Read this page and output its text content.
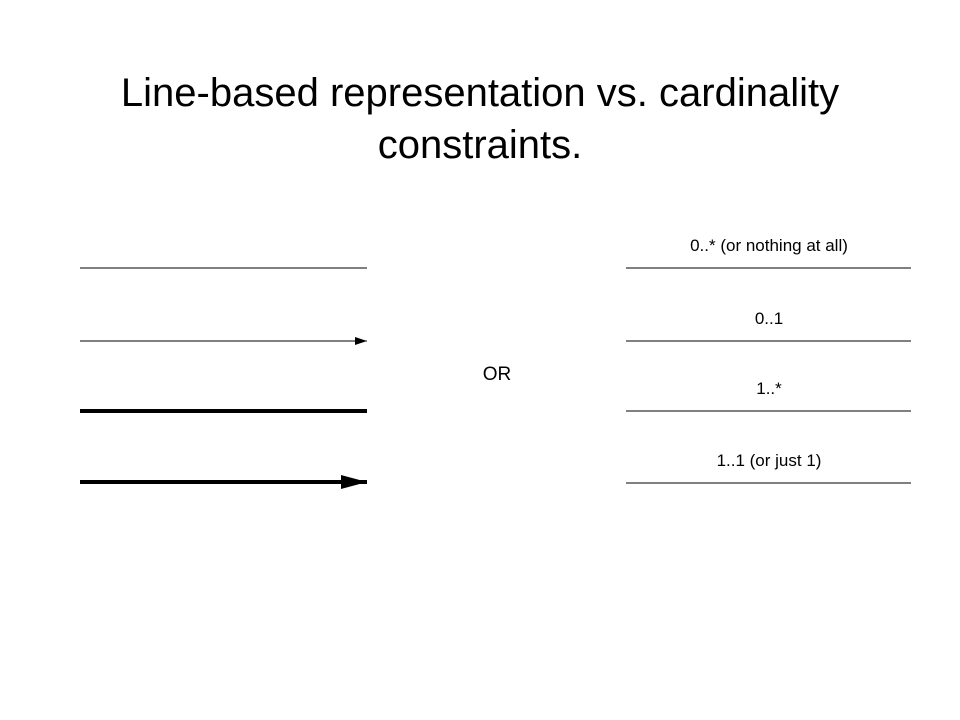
Line-based representation vs. cardinality
constraints.
OR
0..* (or nothing at all)
0..1
1..*
1..1 (or just 1)
